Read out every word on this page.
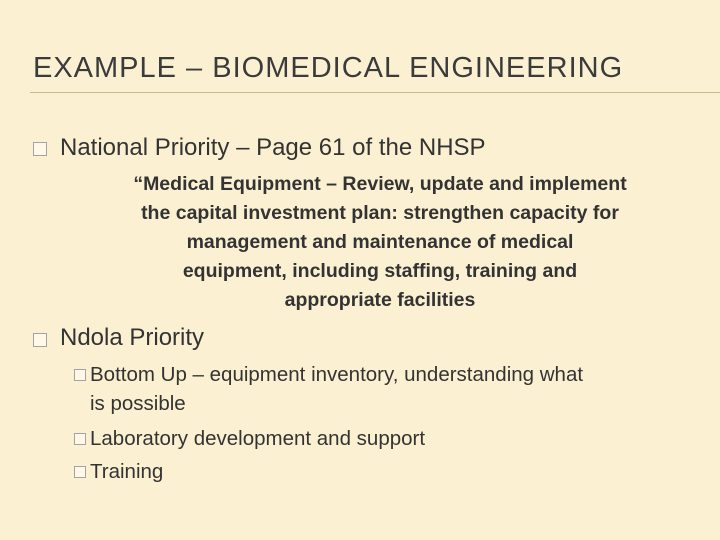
EXAMPLE – BIOMEDICAL ENGINEERING
National Priority – Page 61 of the NHSP
“Medical Equipment – Review, update and implement
the capital investment plan: strengthen capacity for
management and maintenance of medical
equipment, including staffing, training and
appropriate facilities
Ndola Priority
Bottom Up – equipment inventory, understanding what
is possible
Laboratory development and support
Training
